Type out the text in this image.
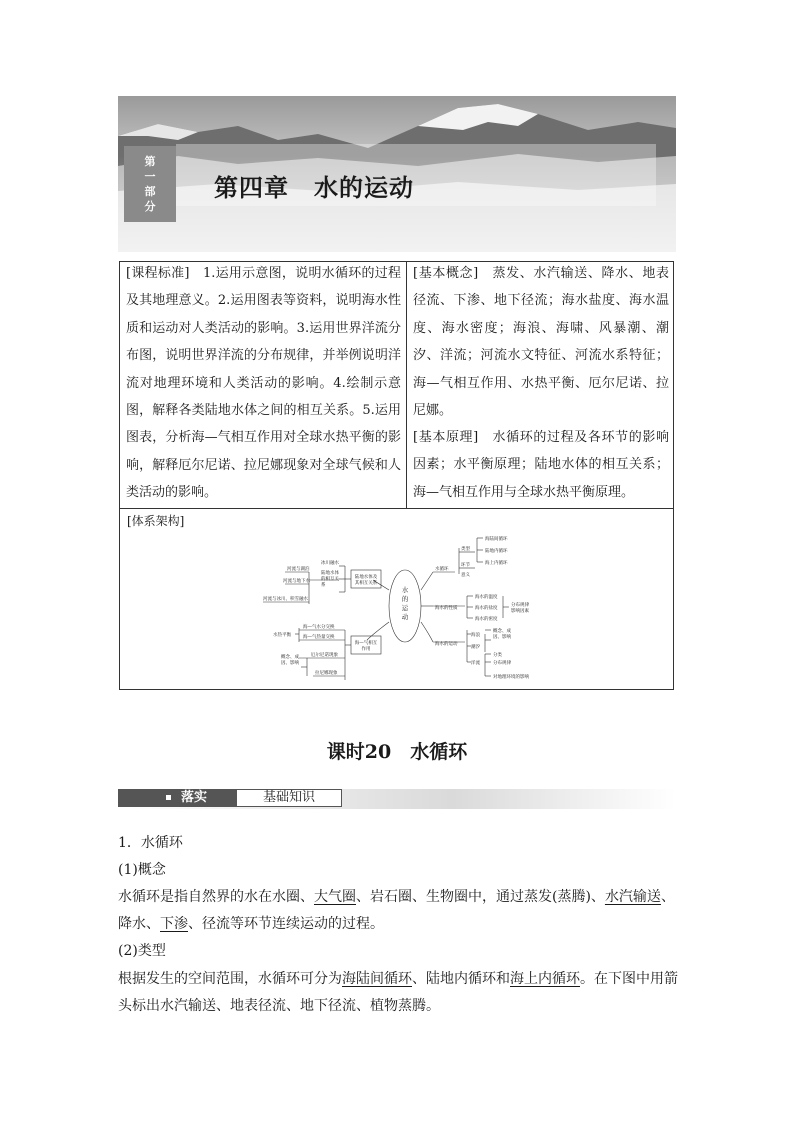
第
一
部
分
第四章　水的运动
[课程标准]　1.运用示意图，说明水循环的过程及其地理意义。2.运用图表等资料，说明海水性质和运动对人类活动的影响。3.运用世界洋流分布图，说明世界洋流的分布规律，并举例说明洋流对地理环境和人类活动的影响。4.绘制示意图，解释各类陆地水体之间的相互关系。5.运用图表，分析海—气相互作用对全球水热平衡的影响，解释厄尔尼诺、拉尼娜现象对全球气候和人类活动的影响。
[基本概念]　蒸发、水汽输送、降水、地表径流、下渗、地下径流；海水盐度、海水温度、海水密度；海浪、海啸、风暴潮、潮汐、洋流；河流水文特征、河流水系特征；海—气相互作用、水热平衡、厄尔尼诺、拉尼娜。
[基本原理]　水循环的过程及各环节的影响因素；水平衡原理；陆地水体的相互关系；海—气相互作用与全球水热平衡原理。
[体系架构]
水
的
运
动
陆地水体及
其相互关系
冰川融水
陆地水体
的相互关
系
河流与湖泊
河流与地下水
河流与冰川、积雪融水
海—气相互
作用
水热平衡
海—气水分交换
海—气热量交换
概念、成
因、影响
厄尔尼诺现象
拉尼娜现象
水循环
类型
海陆间循环
陆地内循环
海上内循环
环节
意义
海水的性质
海水的温度
海水的盐度
海水的密度
分布规律
影响因素
海水的运动
海浪
潮汐
洋流
概念、成
因、影响
分类
分布规律
对地理环境的影响
课时20　水循环
落实	基础知识
1．水循环
(1)概念
水循环是指自然界的水在水圈、大气圈、岩石圈、生物圈中，通过蒸发(蒸腾)、水汽输送、
降水、下渗、径流等环节连续运动的过程。
(2)类型
根据发生的空间范围，水循环可分为海陆间循环、陆地内循环和海上内循环。在下图中用箭
头标出水汽输送、地表径流、地下径流、植物蒸腾。
